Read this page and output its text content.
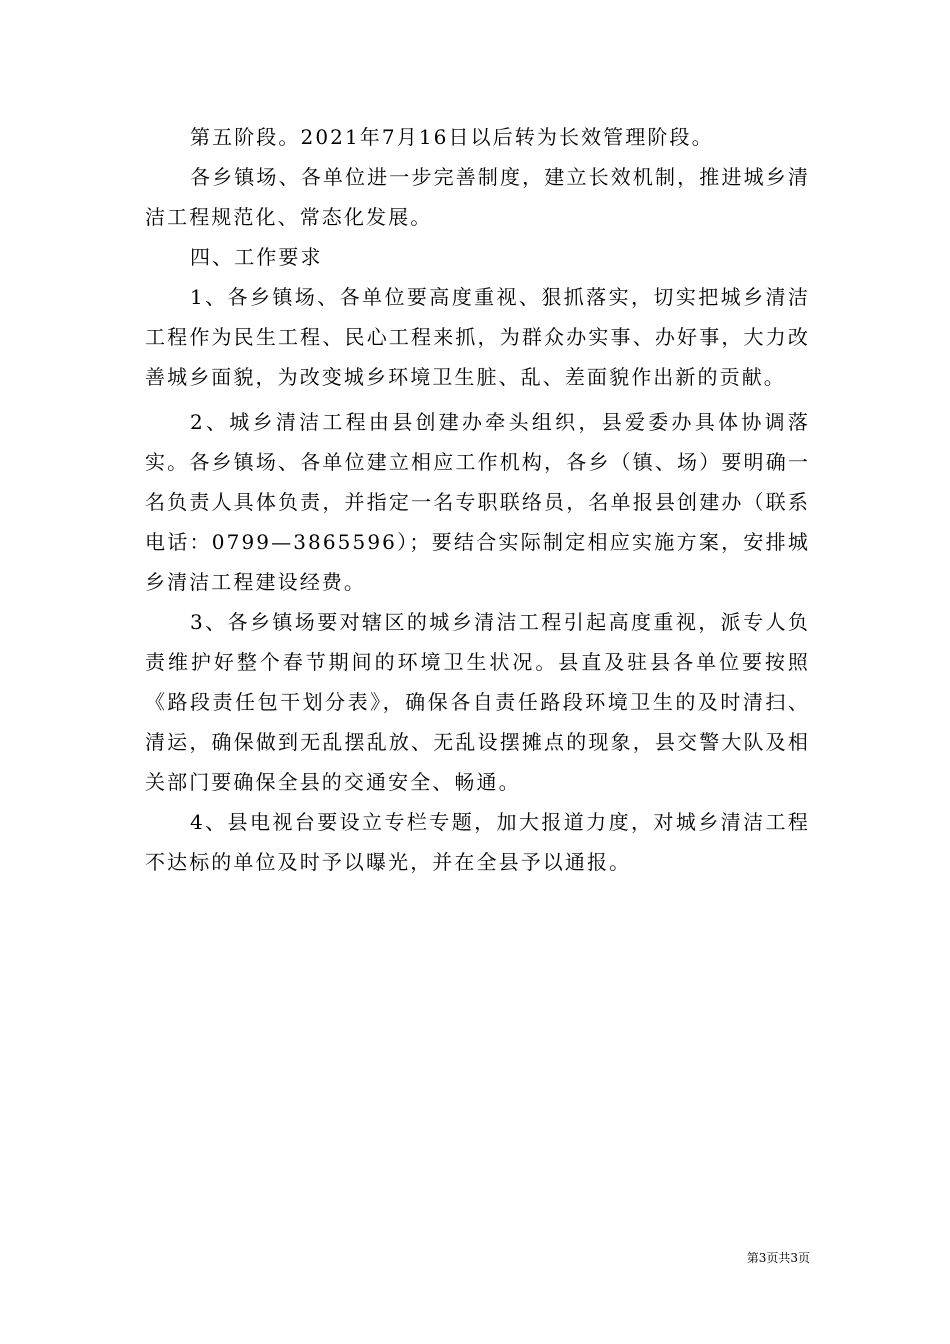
第五阶段。2021年7月16日以后转为长效管理阶段。

各乡镇场、各单位进一步完善制度，建立长效机制，推进城乡清洁工程规范化、常态化发展。

四、工作要求

1、各乡镇场、各单位要高度重视、狠抓落实，切实把城乡清洁工程作为民生工程、民心工程来抓，为群众办实事、办好事，大力改善城乡面貌，为改变城乡环境卫生脏、乱、差面貌作出新的贡献。

2、城乡清洁工程由县创建办牵头组织，县爱委办具体协调落实。各乡镇场、各单位建立相应工作机构，各乡（镇、场）要明确一名负责人具体负责，并指定一名专职联络员，名单报县创建办（联系电话：0799—3865596）；要结合实际制定相应实施方案，安排城乡清洁工程建设经费。

3、各乡镇场要对辖区的城乡清洁工程引起高度重视，派专人负责维护好整个春节期间的环境卫生状况。县直及驻县各单位要按照《路段责任包干划分表》，确保各自责任路段环境卫生的及时清扫、清运，确保做到无乱摆乱放、无乱设摆摊点的现象，县交警大队及相关部门要确保全县的交通安全、畅通。

4、县电视台要设立专栏专题，加大报道力度，对城乡清洁工程不达标的单位及时予以曝光，并在全县予以通报。

第3页共3页
